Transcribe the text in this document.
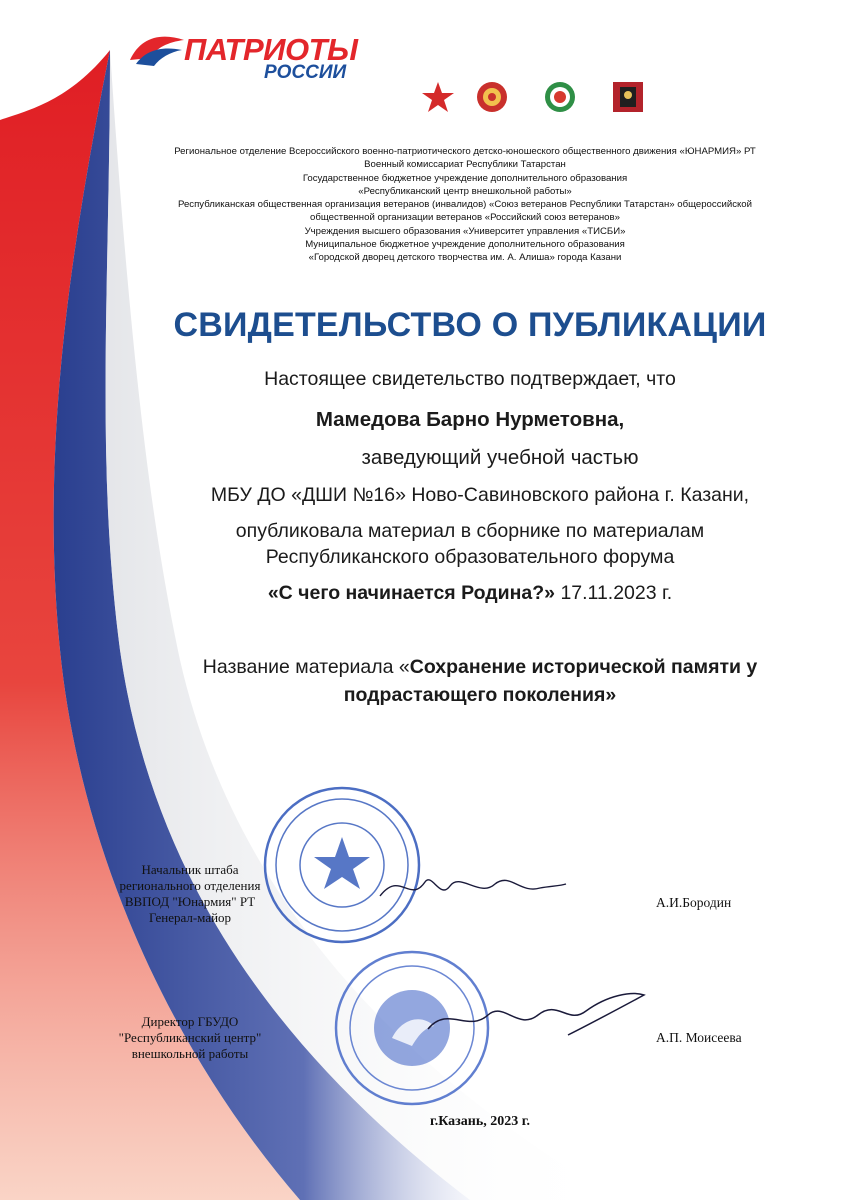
ПАТРИОТЫ
РОССИИ
Региональное отделение Всероссийского военно-патриотического детско-юношеского общественного движения «ЮНАРМИЯ» РТ
Военный комиссариат Республики Татарстан
Государственное бюджетное учреждение дополнительного образования
«Республиканский центр внешкольной работы»
Республиканская общественная организация ветеранов (инвалидов) «Союз ветеранов Республики Татарстан» общероссийской
общественной организации ветеранов «Российский союз ветеранов»
Учреждения высшего образования «Университет управления «ТИСБИ»
Муниципальное бюджетное учреждение дополнительного образования
«Городской дворец детского творчества им. А. Алиша» города Казани
СВИДЕТЕЛЬСТВО О ПУБЛИКАЦИИ
Настоящее свидетельство подтверждает, что
Мамедова Барно Нурметовна,
заведующий учебной частью
МБУ ДО «ДШИ №16» Ново-Савиновского района г. Казани,
опубликовала материал в сборнике по материалам
Республиканского образовательного форума
«С чего начинается Родина?» 17.11.2023 г.
Название материала «Сохранение исторической памяти у
подрастающего поколения»
Начальник штаба
регионального отделения
ВВПОД "Юнармия" РТ
Генерал-майор
А.И.Бородин
Директор ГБУДО
"Республиканский центр"
внешкольной работы
А.П. Моисеева
г.Казань, 2023 г.
